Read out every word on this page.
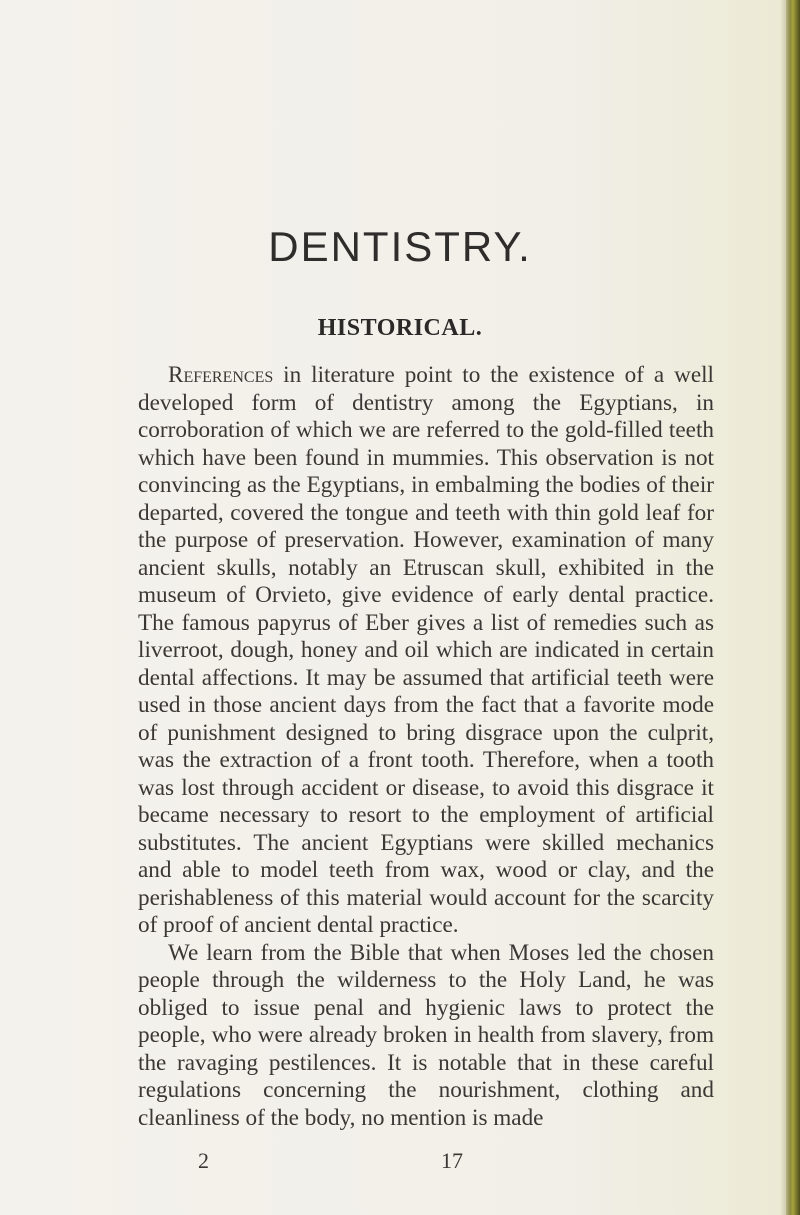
DENTISTRY.
HISTORICAL.

References in literature point to the existence of a well developed form of dentistry among the Egyptians, in corroboration of which we are referred to the gold-filled teeth which have been found in mummies. This observation is not convincing as the Egyptians, in embalming the bodies of their departed, covered the tongue and teeth with thin gold leaf for the purpose of preservation. However, examination of many ancient skulls, notably an Etruscan skull, exhibited in the museum of Orvieto, give evidence of early dental practice. The famous papyrus of Eber gives a list of remedies such as liverroot, dough, honey and oil which are indicated in certain dental affections. It may be assumed that artificial teeth were used in those ancient days from the fact that a favorite mode of punishment designed to bring disgrace upon the culprit, was the extraction of a front tooth. Therefore, when a tooth was lost through accident or disease, to avoid this disgrace it became necessary to resort to the employment of artificial substitutes. The ancient Egyptians were skilled mechanics and able to model teeth from wax, wood or clay, and the perishableness of this material would account for the scarcity of proof of ancient dental practice.

We learn from the Bible that when Moses led the chosen people through the wilderness to the Holy Land, he was obliged to issue penal and hygienic laws to protect the people, who were already broken in health from slavery, from the ravaging pestilences. It is notable that in these careful regulations concerning the nourishment, clothing and cleanliness of the body, no mention is made

2	17
